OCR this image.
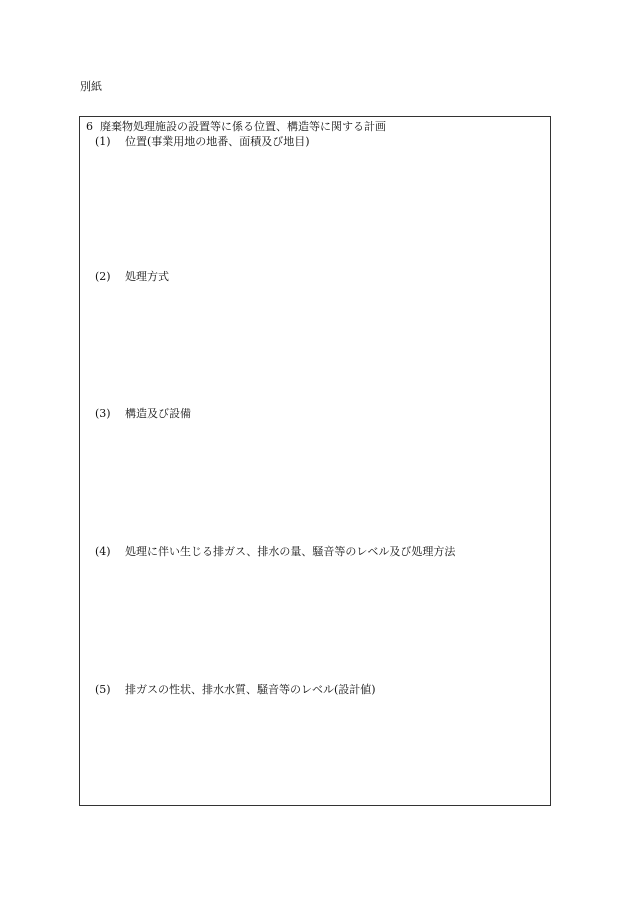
別紙
6 廃棄物処理施設の設置等に係る位置、構造等に関する計画
(1) 位置(事業用地の地番、面積及び地目)
(2) 処理方式
(3) 構造及び設備
(4) 処理に伴い生じる排ガス、排水の量、騒音等のレベル及び処理方法
(5) 排ガスの性状、排水水質、騒音等のレベル(設計値)
